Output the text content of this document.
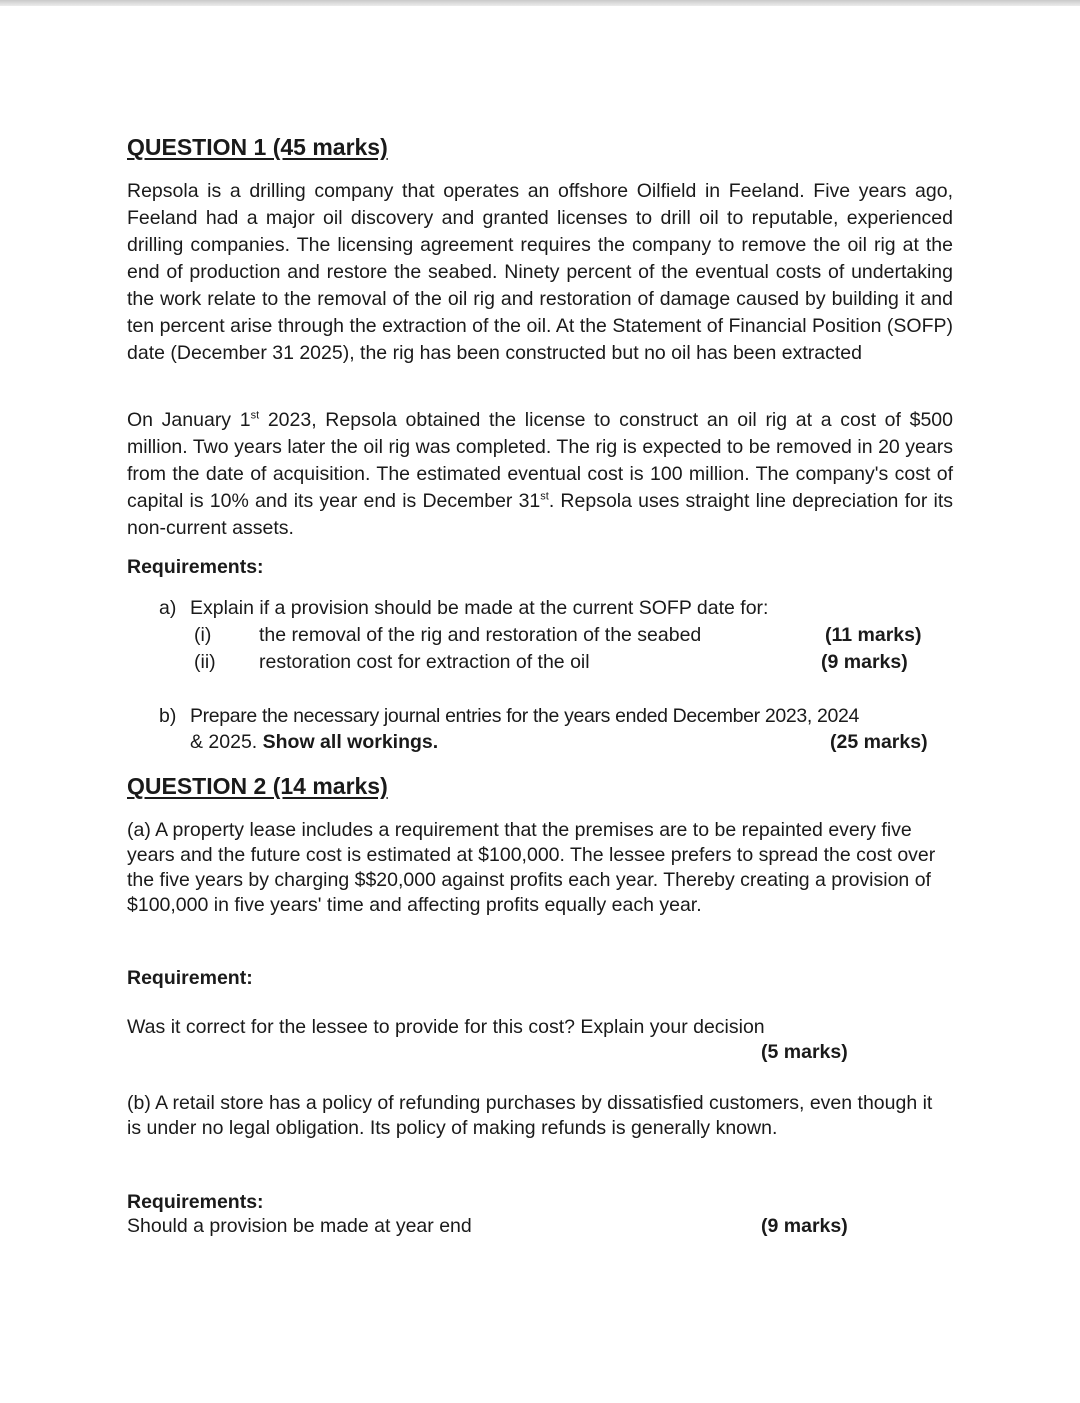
QUESTION 1 (45 marks)

Repsola is a drilling company that operates an offshore Oilfield in Feeland. Five years ago, Feeland had a major oil discovery and granted licenses to drill oil to reputable, experienced drilling companies. The licensing agreement requires the company to remove the oil rig at the end of production and restore the seabed. Ninety percent of the eventual costs of undertaking the work relate to the removal of the oil rig and restoration of damage caused by building it and ten percent arise through the extraction of the oil. At the Statement of Financial Position (SOFP) date (December 31 2025), the rig has been constructed but no oil has been extracted

On January 1st 2023, Repsola obtained the license to construct an oil rig at a cost of $500 million. Two years later the oil rig was completed. The rig is expected to be removed in 20 years from the date of acquisition. The estimated eventual cost is 100 million. The company's cost of capital is 10% and its year end is December 31st. Repsola uses straight line depreciation for its non-current assets.

Requirements:

a) Explain if a provision should be made at the current SOFP date for:
(i) the removal of the rig and restoration of the seabed	(11 marks)
(ii) restoration cost for extraction of the oil	(9 marks)
b) Prepare the necessary journal entries for the years ended December 2023, 2024
& 2025. Show all workings.	(25 marks)
QUESTION 2 (14 marks)

(a) A property lease includes a requirement that the premises are to be repainted every five years and the future cost is estimated at $100,000. The lessee prefers to spread the cost over the five years by charging $$20,000 against profits each year. Thereby creating a provision of $100,000 in five years' time and affecting profits equally each year.

Requirement:

Was it correct for the lessee to provide for this cost? Explain your decision
(5 marks)

(b) A retail store has a policy of refunding purchases by dissatisfied customers, even though it is under no legal obligation. Its policy of making refunds is generally known.

Requirements:

Should a provision be made at year end	(9 marks)
